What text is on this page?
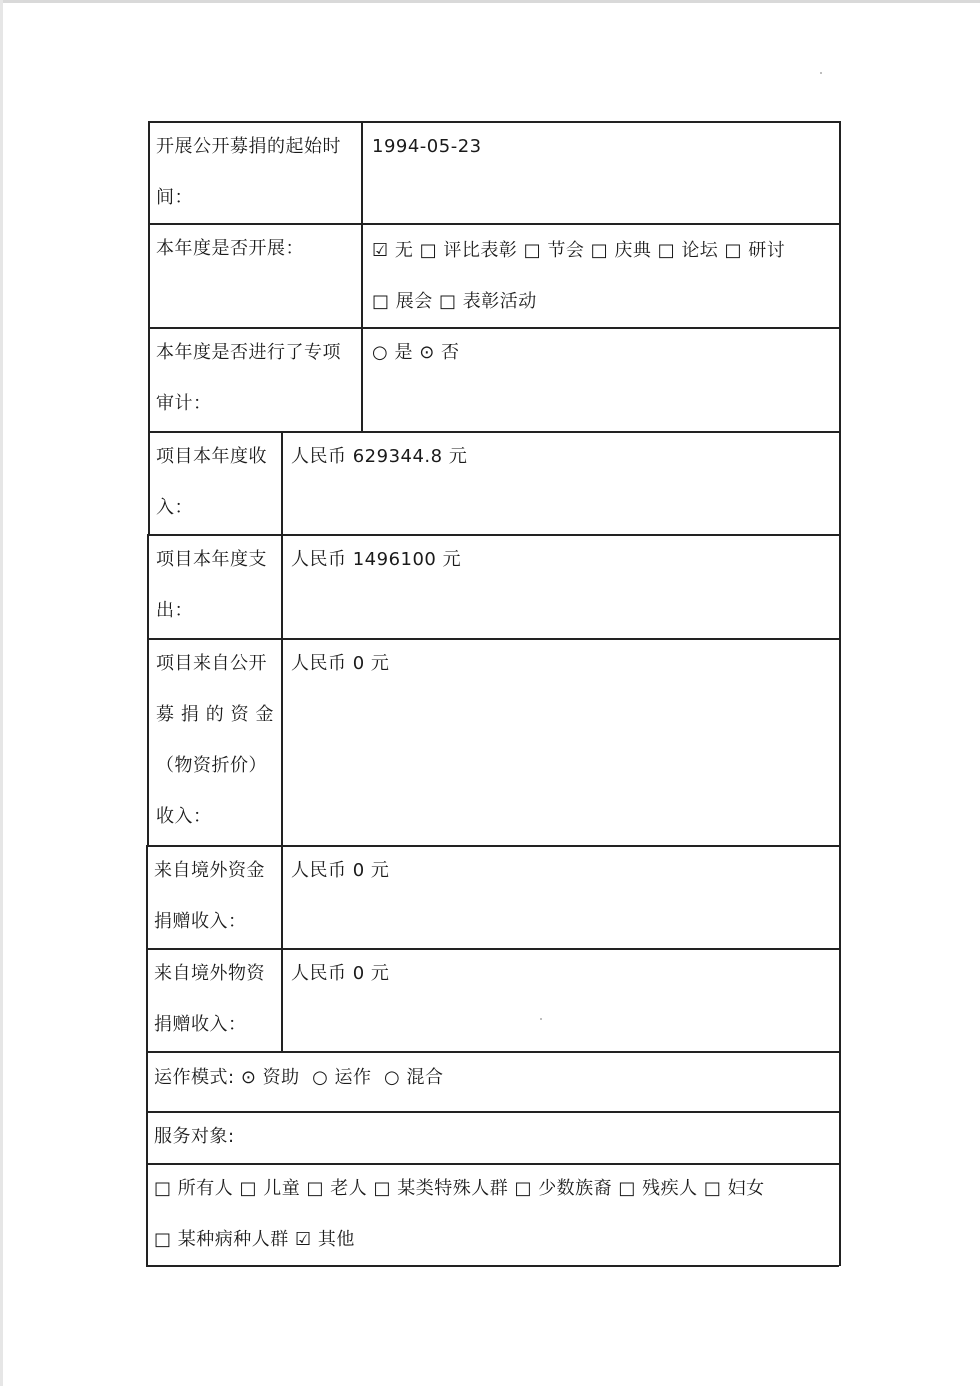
开展公开募捐的起始时间：
1994-05-23
本年度是否开展：	☑ 无 □ 评比表彰 □ 节会 □ 庆典 □ 论坛 □ 研讨 □ 展会 □ 表彰活动
本年度是否进行了专项审计：
○ 是 ⊙ 否
项目本年度收入：
人民币 629344.8 元
项目本年度支出：
人民币 1496100 元
项目来自公开
募捐的资金
（物资折价）
收入：
人民币 0 元
来自境外资金捐赠收入：
人民币 0 元
来自境外物资捐赠收入：
人民币 0 元
运作模式: ⊙ 资助 ○ 运作 ○ 混合
服务对象:
□ 所有人 □ 儿童 □ 老人 □ 某类特殊人群 □ 少数族裔 □ 残疾人 □ 妇女 □ 某种病种人群 ☑ 其他
